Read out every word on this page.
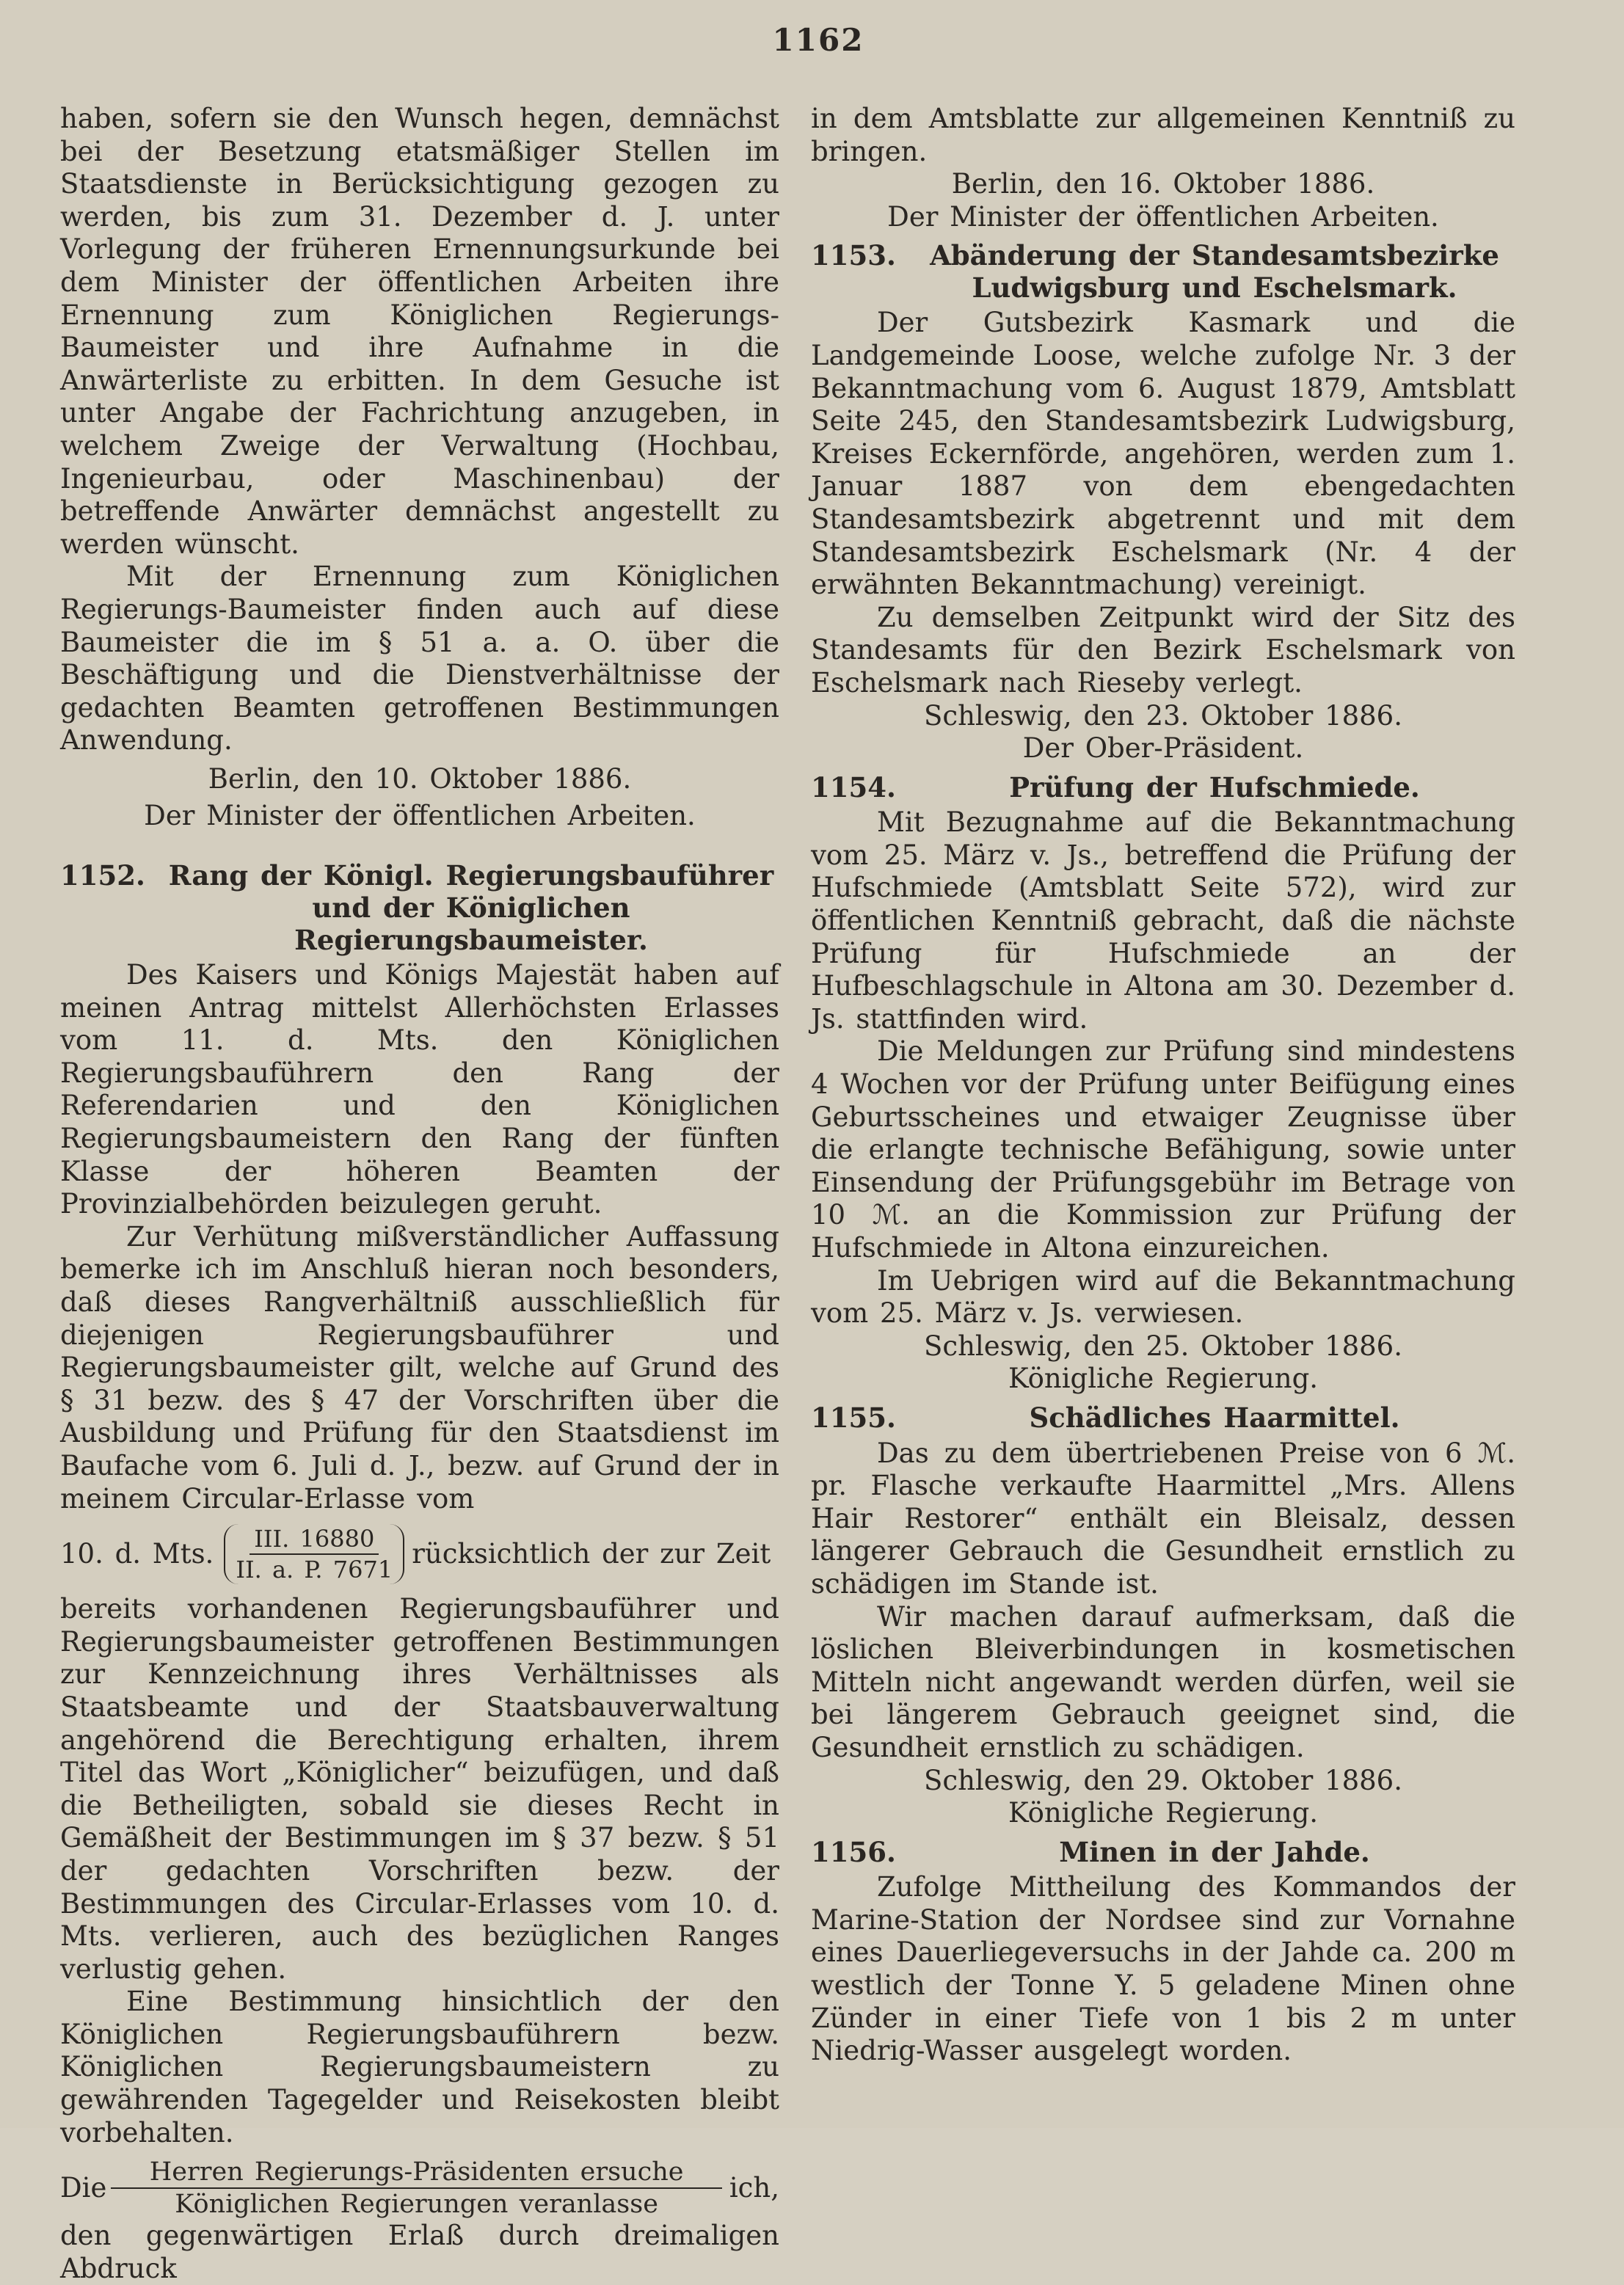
1162

haben, sofern sie den Wunsch hegen, demnächst bei der Besetzung etatsmäßiger Stellen im Staatsdienste in Berücksichtigung gezogen zu werden, bis zum 31. Dezember d. J. unter Vorlegung der früheren Ernennungsurkunde bei dem Minister der öffentlichen Arbeiten ihre Ernennung zum Königlichen Regierungs-Baumeister und ihre Aufnahme in die Anwärterliste zu erbitten. In dem Gesuche ist unter Angabe der Fachrichtung anzugeben, in welchem Zweige der Verwaltung (Hochbau, Ingenieurbau, oder Maschinenbau) der betreffende Anwärter demnächst angestellt zu werden wünscht.

Mit der Ernennung zum Königlichen Regierungs-Baumeister finden auch auf diese Baumeister die im § 51 a. a. O. über die Beschäftigung und die Dienstverhältnisse der gedachten Beamten getroffenen Bestimmungen Anwendung.

Berlin, den 10. Oktober 1886.

Der Minister der öffentlichen Arbeiten.

1152. Rang der Königl. Regierungsbauführer und der Königlichen Regierungsbaumeister.

Des Kaisers und Königs Majestät haben auf meinen Antrag mittelst Allerhöchsten Erlasses vom 11. d. Mts. den Königlichen Regierungsbauführern den Rang der Referendarien und den Königlichen Regierungsbaumeistern den Rang der fünften Klasse der höheren Beamten der Provinzialbehörden beizulegen geruht.

Zur Verhütung mißverständlicher Auffassung bemerke ich im Anschluß hieran noch besonders, daß dieses Rangverhältniß ausschließlich für diejenigen Regierungsbauführer und Regierungsbaumeister gilt, welche auf Grund des § 31 bezw. des § 47 der Vorschriften über die Ausbildung und Prüfung für den Staatsdienst im Baufache vom 6. Juli d. J., bezw. auf Grund der in meinem Circular-Erlasse vom

10. d. Mts. $\frac{\text{III. 16880}}{II. a. P. 7671}$ rücksichtlich der zur Zeit

bereits vorhandenen Regierungsbauführer und Regierungsbaumeister getroffenen Bestimmungen zur Kennzeichnung ihres Verhältnisses als Staatsbeamte und der Staatsbauverwaltung angehörend die Berechtigung erhalten, ihrem Titel das Wort „Königlicher“ beizufügen, und daß die Betheiligten, sobald sie dieses Recht in Gemäßheit der Bestimmungen im § 37 bezw. § 51 der gedachten Vorschriften bezw. der Bestimmungen des Circular-Erlasses vom 10. d. Mts. verlieren, auch des bezüglichen Ranges verlustig gehen.

Eine Bestimmung hinsichtlich der den Königlichen Regierungsbauführern bezw. Königlichen Regierungsbaumeistern zu gewährenden Tagegelder und Reisekosten bleibt vorbehalten.

Die	Herren Regierungs-Präsidenten ersuche
Königlichen Regierungen veranlasse
ich,

den gegenwärtigen Erlaß durch dreimaligen Abdruck

in dem Amtsblatte zur allgemeinen Kenntniß zu bringen.

Berlin, den 16. Oktober 1886.

Der Minister der öffentlichen Arbeiten.

1153.	Abänderung der Standesamtsbezirke Ludwigsburg und Eschelsmark.

Der Gutsbezirk Kasmark und die Landgemeinde Loose, welche zufolge Nr. 3 der Bekanntmachung vom 6. August 1879, Amtsblatt Seite 245, den Standesamtsbezirk Ludwigsburg, Kreises Eckernförde, angehören, werden zum 1. Januar 1887 von dem ebengedachten Standesamtsbezirk abgetrennt und mit dem Standesamtsbezirk Eschelsmark (Nr. 4 der erwähnten Bekanntmachung) vereinigt.

Zu demselben Zeitpunkt wird der Sitz des Standesamts für den Bezirk Eschelsmark von Eschelsmark nach Rieseby verlegt.

Schleswig, den 23. Oktober 1886.

Der Ober-Präsident.

1154.	Prüfung der Hufschmiede.

Mit Bezugnahme auf die Bekanntmachung vom 25. März v. Js., betreffend die Prüfung der Hufschmiede (Amtsblatt Seite 572), wird zur öffentlichen Kenntniß gebracht, daß die nächste Prüfung für Hufschmiede an der Hufbeschlagschule in Altona am 30. Dezember d. Js. stattfinden wird.

Die Meldungen zur Prüfung sind mindestens 4 Wochen vor der Prüfung unter Beifügung eines Geburtsscheines und etwaiger Zeugnisse über die erlangte technische Befähigung, sowie unter Einsendung der Prüfungsgebühr im Betrage von 10 ℳ. an die Kommission zur Prüfung der Hufschmiede in Altona einzureichen.

Im Uebrigen wird auf die Bekanntmachung vom 25. März v. Js. verwiesen.

Schleswig, den 25. Oktober 1886.

Königliche Regierung.

1155.	Schädliches Haarmittel.

Das zu dem übertriebenen Preise von 6 ℳ. pr. Flasche verkaufte Haarmittel „Mrs. Allens Hair Restorer“ enthält ein Bleisalz, dessen längerer Gebrauch die Gesundheit ernstlich zu schädigen im Stande ist.

Wir machen darauf aufmerksam, daß die löslichen Bleiverbindungen in kosmetischen Mitteln nicht angewandt werden dürfen, weil sie bei längerem Gebrauch geeignet sind, die Gesundheit ernstlich zu schädigen.

Schleswig, den 29. Oktober 1886.

Königliche Regierung.

1156.	Minen in der Jahde.

Zufolge Mittheilung des Kommandos der Marine-Station der Nordsee sind zur Vornahne eines Dauerliegeversuchs in der Jahde ca. 200 m westlich der Tonne Y. 5 geladene Minen ohne Zünder in einer Tiefe von 1 bis 2 m unter Niedrig-Wasser ausgelegt worden.
